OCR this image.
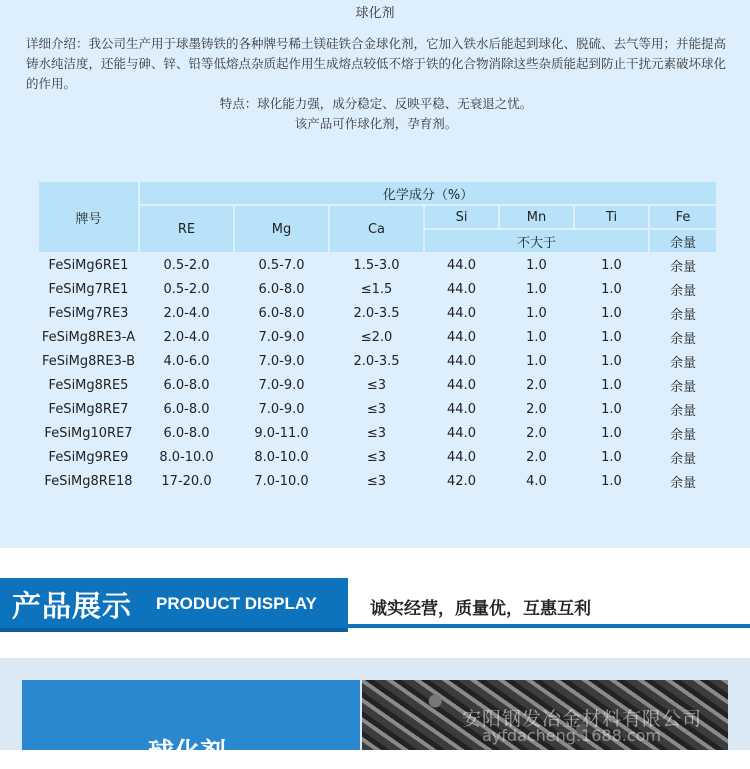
球化剂

详细介绍：我公司生产用于球墨铸铁的各种牌号稀土镁硅铁合金球化剂，它加入铁水后能起到球化、脱硫、去气等用；并能提高铸水纯洁度，还能与砷、锌、铅等低熔点杂质起作用生成熔点较低不熔于铁的化合物消除这些杂质能起到防止干扰元素破坏球化的作用。

特点：球化能力强，成分稳定、反映平稳、无衰退之忧。

该产品可作球化剂，孕育剂。

牌号	化学成分（%）						
	RE	Mg	Ca	Si	Mn	Ti	Fe
				不大于			余量
FeSiMg6RE1	0.5-2.0	0.5-7.0	1.5-3.0	44.0	1.0	1.0	余量
FeSiMg7RE1	0.5-2.0	6.0-8.0	≤1.5	44.0	1.0	1.0	余量
FeSiMg7RE3	2.0-4.0	6.0-8.0	2.0-3.5	44.0	1.0	1.0	余量
FeSiMg8RE3-A	2.0-4.0	7.0-9.0	≤2.0	44.0	1.0	1.0	余量
FeSiMg8RE3-B	4.0-6.0	7.0-9.0	2.0-3.5	44.0	1.0	1.0	余量
FeSiMg8RE5	6.0-8.0	7.0-9.0	≤3	44.0	2.0	1.0	余量
FeSiMg8RE7	6.0-8.0	7.0-9.0	≤3	44.0	2.0	1.0	余量
FeSiMg10RE7	6.0-8.0	9.0-11.0	≤3	44.0	2.0	1.0	余量
FeSiMg9RE9	8.0-10.0	8.0-10.0	≤3	44.0	2.0	1.0	余量
FeSiMg8RE18	17-20.0	7.0-10.0	≤3	42.0	4.0	1.0	余量
产品展示 PRODUCT DISPLAY	诚实经营，质量优，互惠互利
球化剂
安阳钢发冶金材料有限公司
ayfdacheng.1688.com
